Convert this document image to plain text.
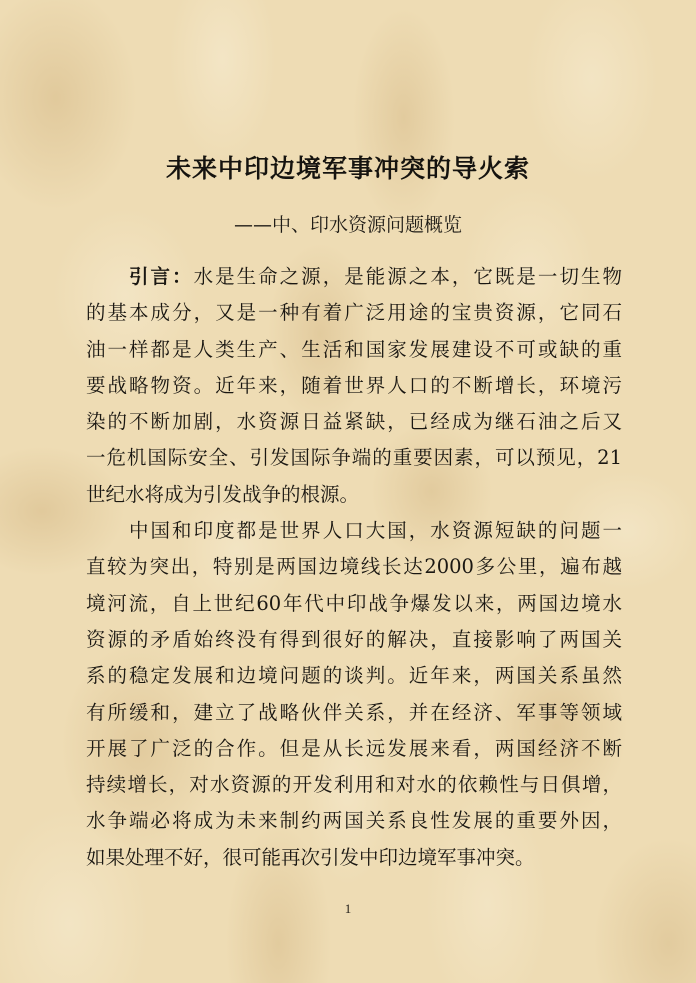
未来中印边境军事冲突的导火索
——中、印水资源问题概览
引言：水是生命之源，是能源之本，它既是一切生物
的基本成分，又是一种有着广泛用途的宝贵资源，它同石
油一样都是人类生产、生活和国家发展建设不可或缺的重
要战略物资。近年来，随着世界人口的不断增长，环境污
染的不断加剧，水资源日益紧缺，已经成为继石油之后又
一危机国际安全、引发国际争端的重要因素，可以预见，21
世纪水将成为引发战争的根源。
中国和印度都是世界人口大国，水资源短缺的问题一
直较为突出，特别是两国边境线长达2000多公里，遍布越
境河流，自上世纪60年代中印战争爆发以来，两国边境水
资源的矛盾始终没有得到很好的解决，直接影响了两国关
系的稳定发展和边境问题的谈判。近年来，两国关系虽然
有所缓和，建立了战略伙伴关系，并在经济、军事等领域
开展了广泛的合作。但是从长远发展来看，两国经济不断
持续增长，对水资源的开发利用和对水的依赖性与日俱增，
水争端必将成为未来制约两国关系良性发展的重要外因，
如果处理不好，很可能再次引发中印边境军事冲突。
1
